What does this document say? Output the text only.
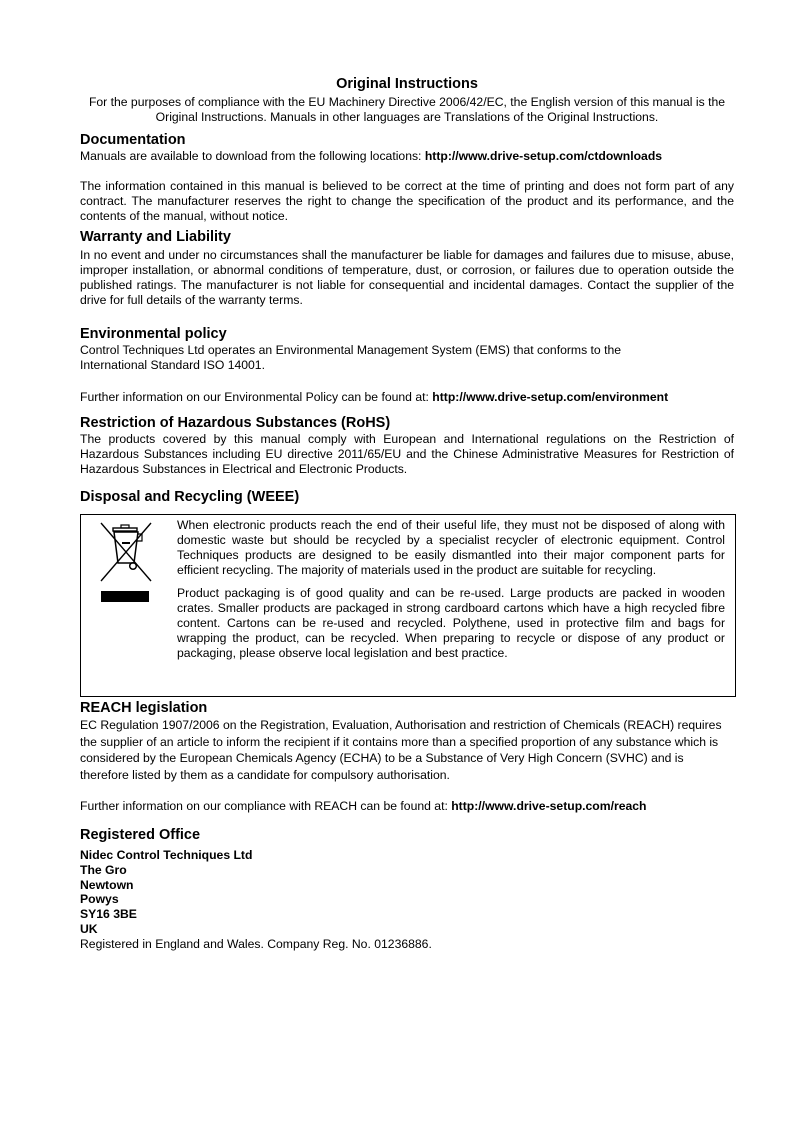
Original Instructions

For the purposes of compliance with the EU Machinery Directive 2006/42/EC, the English version of this manual is the Original Instructions. Manuals in other languages are Translations of the Original Instructions.

Documentation

Manuals are available to download from the following locations: http://www.drive-setup.com/ctdownloads

The information contained in this manual is believed to be correct at the time of printing and does not form part of any contract. The manufacturer reserves the right to change the specification of the product and its performance, and the contents of the manual, without notice.

Warranty and Liability

In no event and under no circumstances shall the manufacturer be liable for damages and failures due to misuse, abuse, improper installation, or abnormal conditions of temperature, dust, or corrosion, or failures due to operation outside the published ratings. The manufacturer is not liable for consequential and incidental damages. Contact the supplier of the drive for full details of the warranty terms.

Environmental policy

Control Techniques Ltd operates an Environmental Management System (EMS) that conforms to the International Standard ISO 14001.

Further information on our Environmental Policy can be found at: http://www.drive-setup.com/environment

Restriction of Hazardous Substances (RoHS)

The products covered by this manual comply with European and International regulations on the Restriction of Hazardous Substances including EU directive 2011/65/EU and the Chinese Administrative Measures for Restriction of Hazardous Substances in Electrical and Electronic Products.

Disposal and Recycling (WEEE)

When electronic products reach the end of their useful life, they must not be disposed of along with domestic waste but should be recycled by a specialist recycler of electronic equipment. Control Techniques products are designed to be easily dismantled into their major component parts for efficient recycling. The majority of materials used in the product are suitable for recycling.

Product packaging is of good quality and can be re-used. Large products are packed in wooden crates. Smaller products are packaged in strong cardboard cartons which have a high recycled fibre content. Cartons can be re-used and recycled. Polythene, used in protective film and bags for wrapping the product, can be recycled. When preparing to recycle or dispose of any product or packaging, please observe local legislation and best practice.

REACH legislation

EC Regulation 1907/2006 on the Registration, Evaluation, Authorisation and restriction of Chemicals (REACH) requires the supplier of an article to inform the recipient if it contains more than a specified proportion of any substance which is considered by the European Chemicals Agency (ECHA) to be a Substance of Very High Concern (SVHC) and is therefore listed by them as a candidate for compulsory authorisation.

Further information on our compliance with REACH can be found at: http://www.drive-setup.com/reach

Registered Office
Nidec Control Techniques Ltd
The Gro
Newtown
Powys
SY16 3BE
UK

Registered in England and Wales. Company Reg. No. 01236886.
